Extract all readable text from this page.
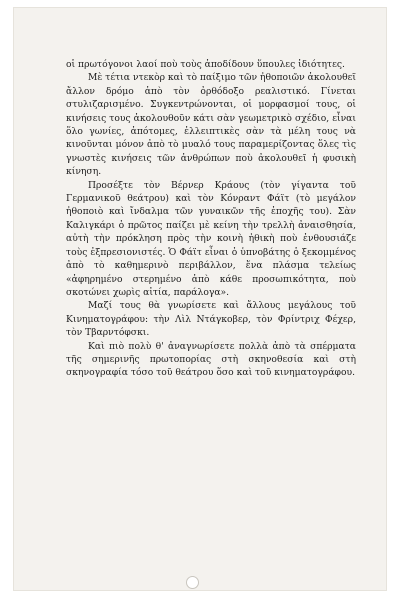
οἱ πρωτόγονοι λαοί ποὺ τοὺς ἀποδίδουν ὕπουλες ἰδιότητες.

Μὲ τέτια ντεκὸρ καὶ τὸ παίξιμο τῶν ἠθοποιῶν ἀκολουθεῖ ἄλλον δρόμο ἀπὸ τὸν ὀρθόδοξο ρεαλιστικό. Γίνεται στυλιζαρισμένο. Συγκεντρώνονται, οἱ μορφασμοί τους, οἱ κινήσεις τους ἀκολουθοῦν κάτι σὰν γεωμετρικὸ σχέδιο, εἶναι ὅλο γωνίες, ἀπότομες, ἐλλειπτικὲς σὰν τὰ μέλη τους νὰ κινοῦνται μόνον ἀπὸ τὸ μυαλό τους παραμερίζοντας ὅλες τὶς γνωστὲς κινήσεις τῶν ἀνθρώπων ποὺ ἀκολουθεῖ ἡ φυσικὴ κίνηση.

Προσέξτε τὸν Βέρνερ Κράους (τὸν γίγαντα τοῦ Γερμανικοῦ θεάτρου) καὶ τὸν Κόνραντ Φάϊτ (τὸ μεγάλον ἠθοποιὸ καὶ ἴνδαλμα τῶν γυναικῶν τῆς ἐποχῆς του). Σὰν Καλιγκάρι ὁ πρῶτος παίζει μὲ κείνη τὴν τρελλὴ ἀναισθησία, αὐτὴ τὴν πρόκληση πρὸς τὴν κοινὴ ἠθικὴ ποὺ ἐνθουσιάζε τοὺς ἐξπρεσιονιστές. Ὁ Φάϊτ εἶναι ὁ ὑπνοβάτης ὁ ξεκομμένος ἀπὸ τὸ καθημερινὸ περιβάλλον, ἕνα πλάσμα τελείως «ἀφηρημένο στερημένο ἀπὸ κάθε προσωπικότητα, ποὺ σκοτώνει χωρὶς αἰτία, παράλογα».

Μαζί τους θὰ γνωρίσετε καὶ ἄλλους μεγάλους τοῦ Κινηματογράφου: τὴν Λὶλ Ντάγκοβερ, τὸν Φρίντριχ Φέχερ, τὸν Τβαρντόφσκι.

Καὶ πιὸ πολὺ θ' ἀναγνωρίσετε πολλὰ ἀπὸ τὰ σπέρματα τῆς σημερινῆς πρωτοπορίας στὴ σκηνοθεσία καὶ στὴ σκηνογραφία τόσο τοῦ θεάτρου ὅσο καὶ τοῦ κινηματογράφου.
